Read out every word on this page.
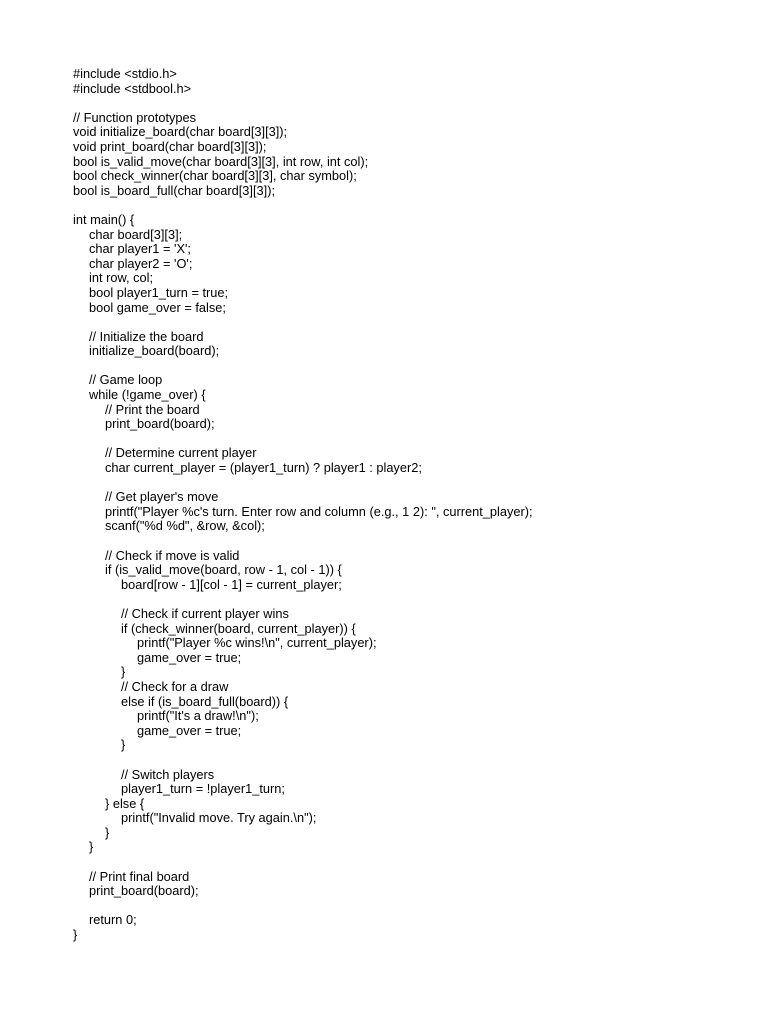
#include <stdio.h>
#include <stdbool.h>
// Function prototypes
void initialize_board(char board[3][3]);
void print_board(char board[3][3]);
bool is_valid_move(char board[3][3], int row, int col);
bool check_winner(char board[3][3], char symbol);
bool is_board_full(char board[3][3]);
int main() {
char board[3][3];
char player1 = 'X';
char player2 = 'O';
int row, col;
bool player1_turn = true;
bool game_over = false;
// Initialize the board
initialize_board(board);
// Game loop
while (!game_over) {
// Print the board
print_board(board);
// Determine current player
char current_player = (player1_turn) ? player1 : player2;
// Get player's move
printf("Player %c's turn. Enter row and column (e.g., 1 2): ", current_player);
scanf("%d %d", &row, &col);
// Check if move is valid
if (is_valid_move(board, row - 1, col - 1)) {
board[row - 1][col - 1] = current_player;
// Check if current player wins
if (check_winner(board, current_player)) {
printf("Player %c wins!\n", current_player);
game_over = true;
}
// Check for a draw
else if (is_board_full(board)) {
printf("It's a draw!\n");
game_over = true;
}
// Switch players
player1_turn = !player1_turn;
} else {
printf("Invalid move. Try again.\n");
}
}
// Print final board
print_board(board);
return 0;
}
